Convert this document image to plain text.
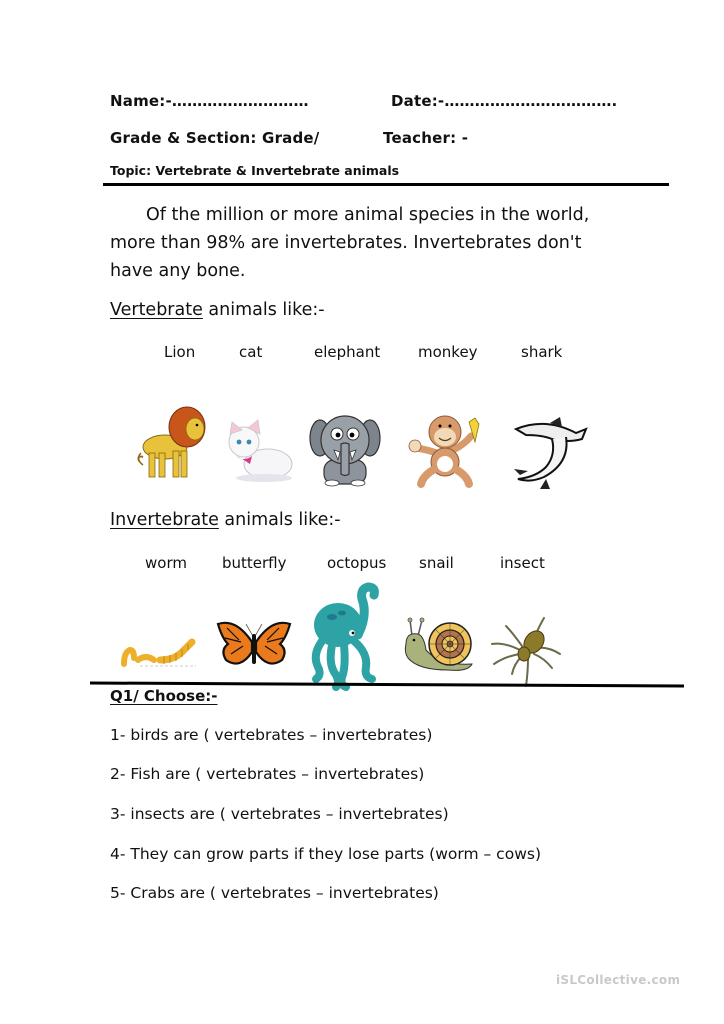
Name:-………………………	Date:-…………………………….
Grade & Section: Grade/	Teacher: -
Topic: Vertebrate & Invertebrate animals
Of the million or more animal species in the world,
more than 98% are invertebrates. Invertebrates don't
have any bone.
Vertebrate animals like:-
Lion	cat	elephant	monkey	shark
Invertebrate animals like:-
worm butterfly	octopus snail	insect
Q1/ Choose:-
1- birds are ( vertebrates – invertebrates)
2- Fish are ( vertebrates – invertebrates)
3- insects are ( vertebrates – invertebrates)
4- They can grow parts if they lose parts (worm – cows)
5- Crabs are ( vertebrates – invertebrates)
iSLCollective.com
